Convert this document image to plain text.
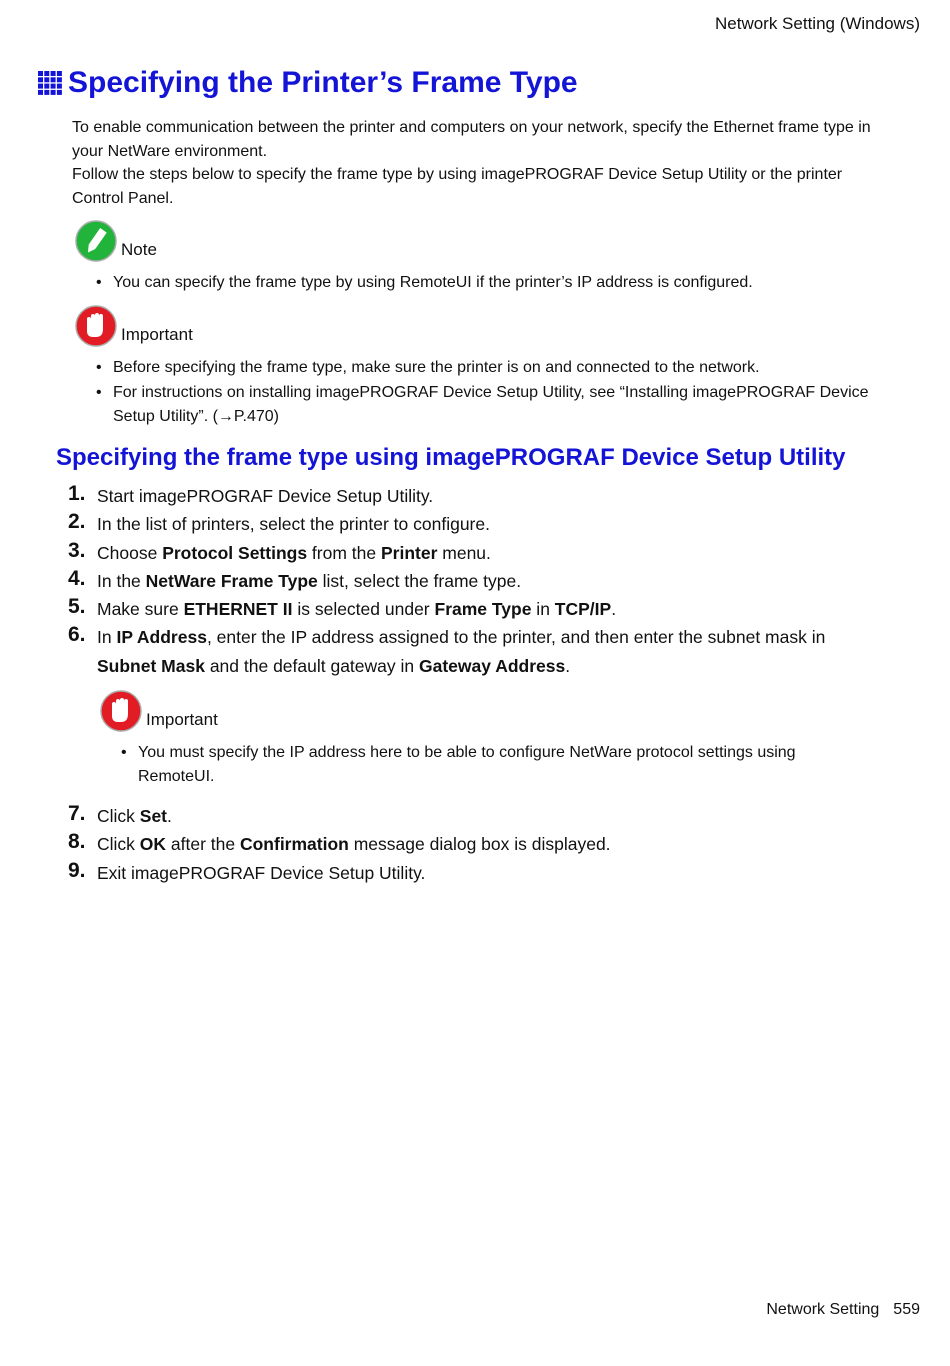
Network Setting (Windows)
Specifying the Printer’s Frame Type

To enable communication between the printer and computers on your network, specify the Ethernet frame type in your NetWare environment.

Follow the steps below to specify the frame type by using imagePROGRAF Device Setup Utility or the printer Control Panel.

Note
• You can specify the frame type by using RemoteUI if the printer’s IP address is configured.
Important
• Before specifying the frame type, make sure the printer is on and connected to the network.
• For instructions on installing imagePROGRAF Device Setup Utility, see “Installing imagePROGRAF Device Setup Utility”. (→P.470)
Specifying the frame type using imagePROGRAF Device Setup Utility
1. Start imagePROGRAF Device Setup Utility.
2. In the list of printers, select the printer to configure.
3. Choose Protocol Settings from the Printer menu.
4. In the NetWare Frame Type list, select the frame type.
5. Make sure ETHERNET II is selected under Frame Type in TCP/IP.
6. In IP Address, enter the IP address assigned to the printer, and then enter the subnet mask in Subnet Mask and the default gateway in Gateway Address.
Important
• You must specify the IP address here to be able to configure NetWare protocol settings using RemoteUI.
7. Click Set.
8. Click OK after the Confirmation message dialog box is displayed.
9. Exit imagePROGRAF Device Setup Utility.
Network Setting 559
